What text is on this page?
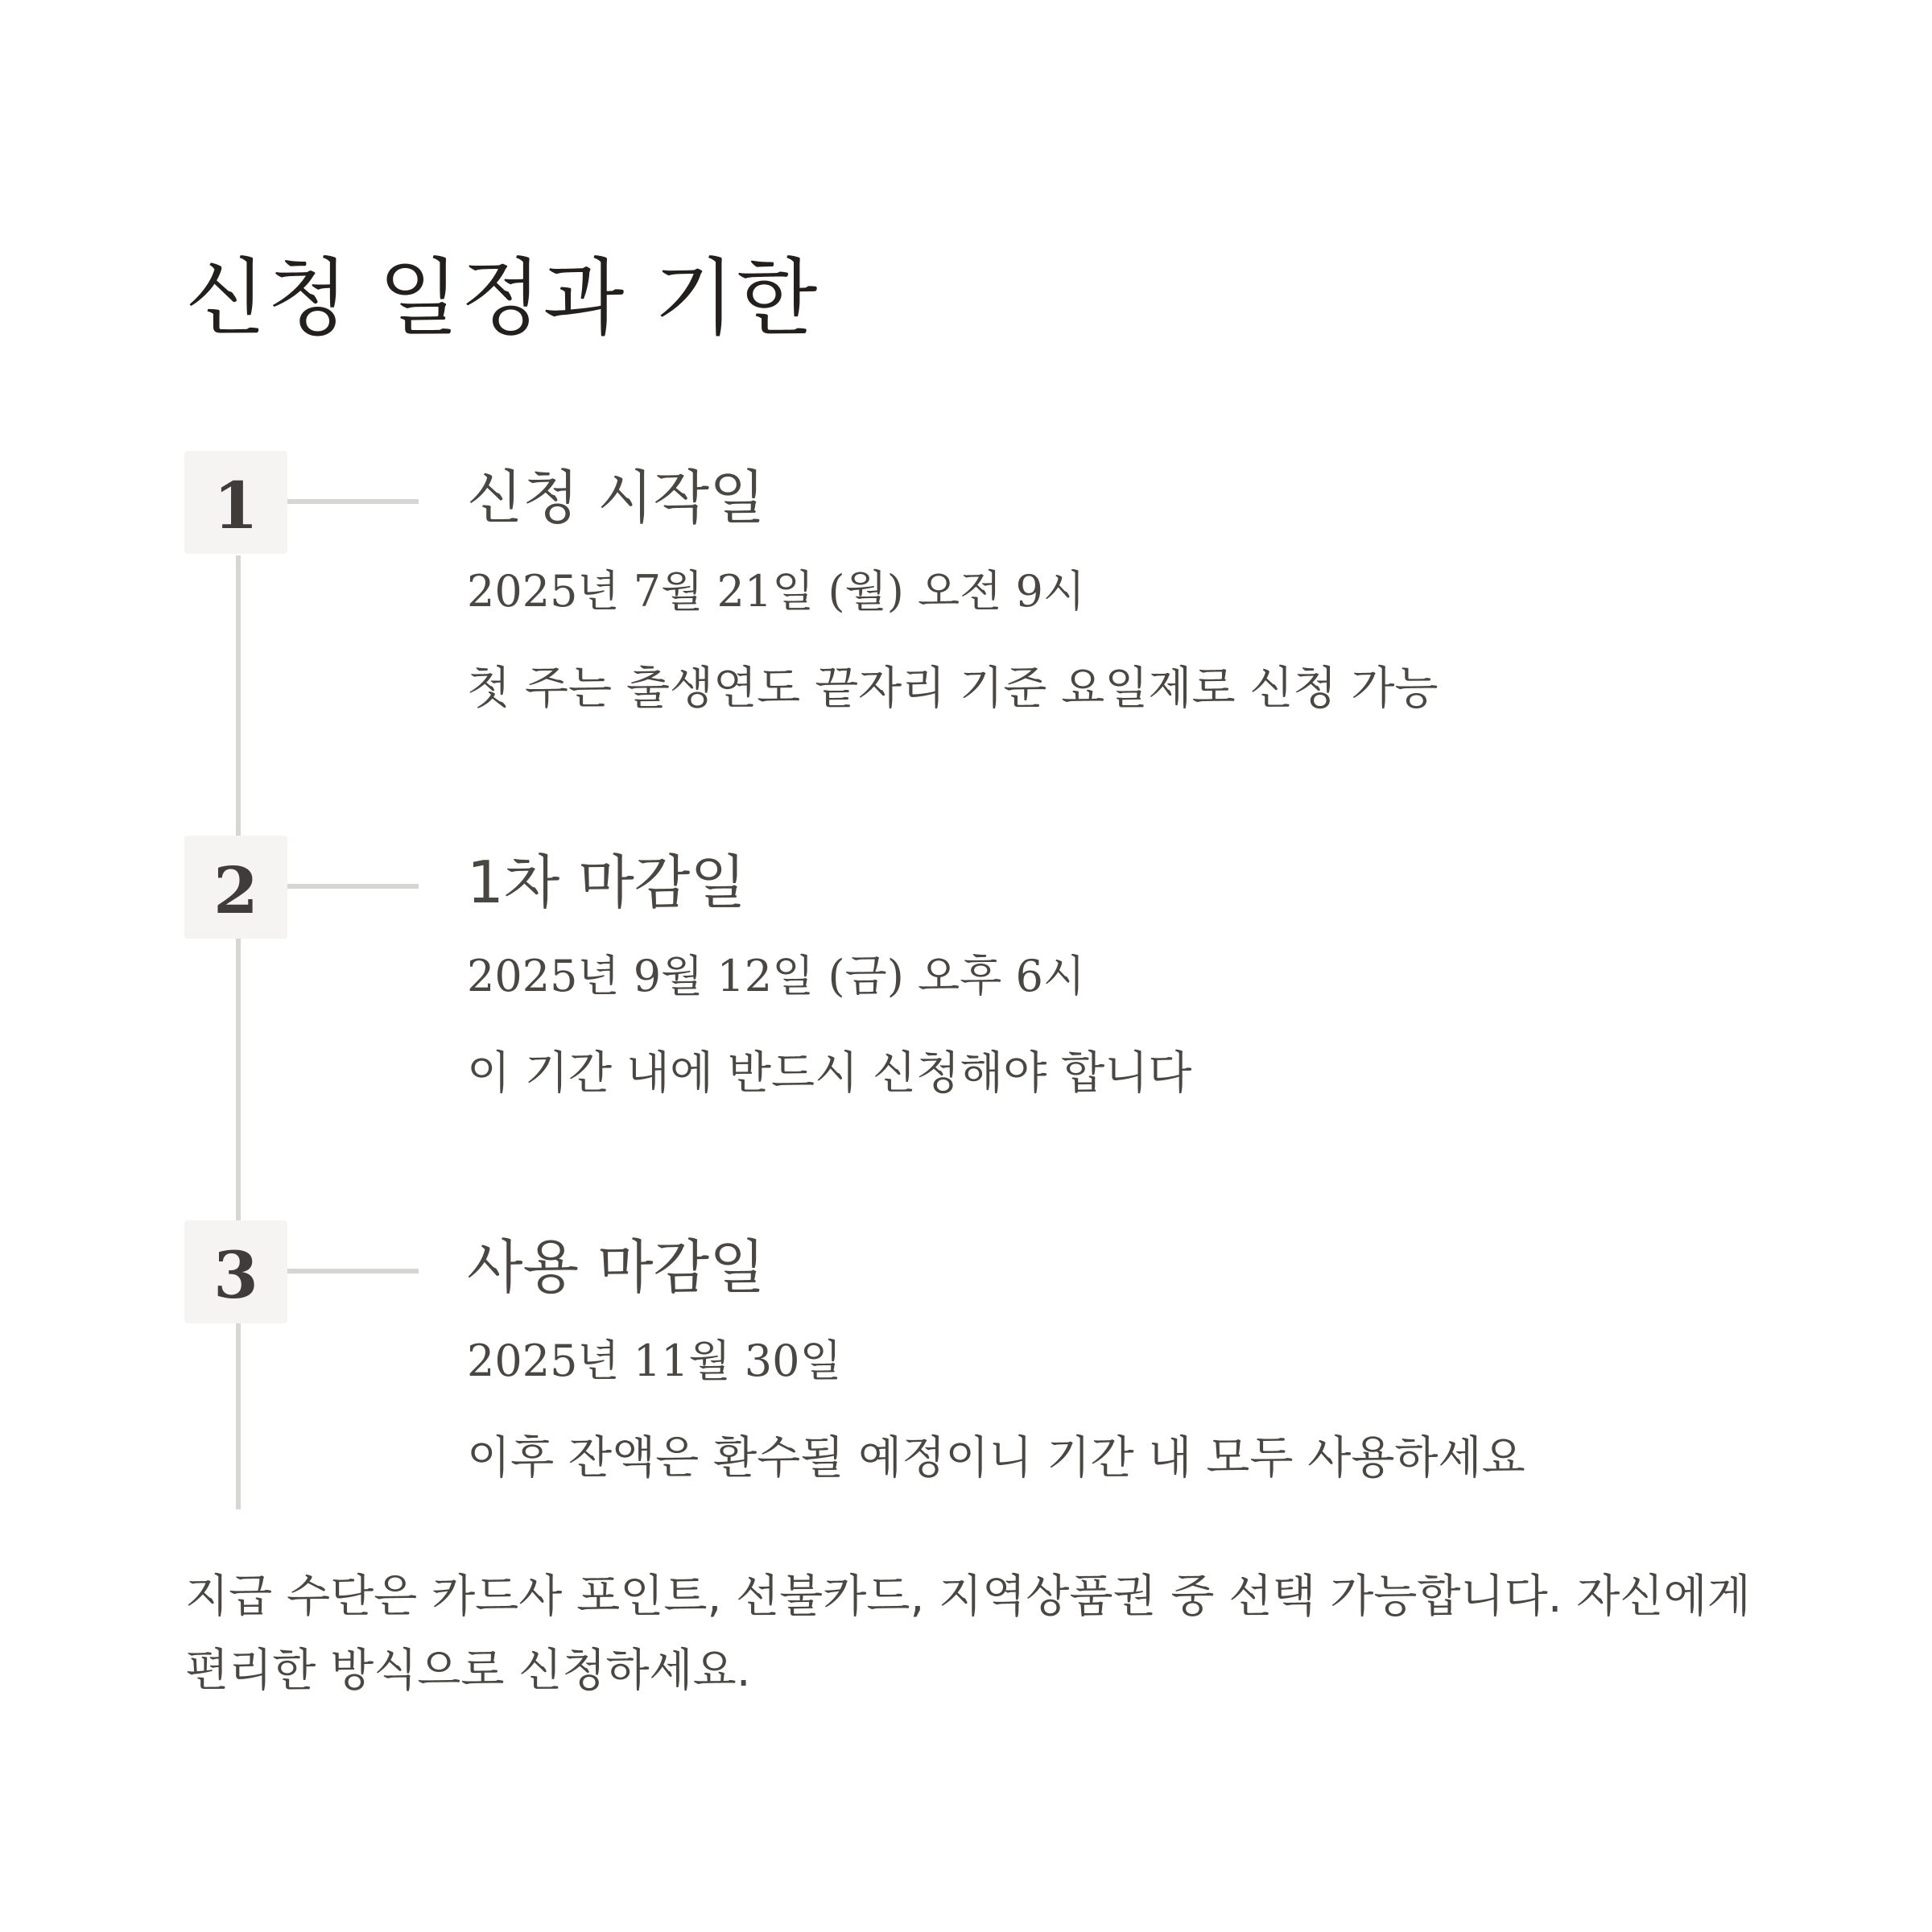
신청 일정과 기한
1	신청 시작일
2025년 7월 21일 (월) 오전 9시
첫 주는 출생연도 끝자리 기준 요일제로 신청 가능
2	1차 마감일
2025년 9월 12일 (금) 오후 6시
이 기간 내에 반드시 신청해야 합니다
3	사용 마감일
2025년 11월 30일
이후 잔액은 환수될 예정이니 기간 내 모두 사용하세요

지급 수단은 카드사 포인트, 선불카드, 지역상품권 중 선택 가능합니다. 자신에게 편리한 방식으로 신청하세요.
